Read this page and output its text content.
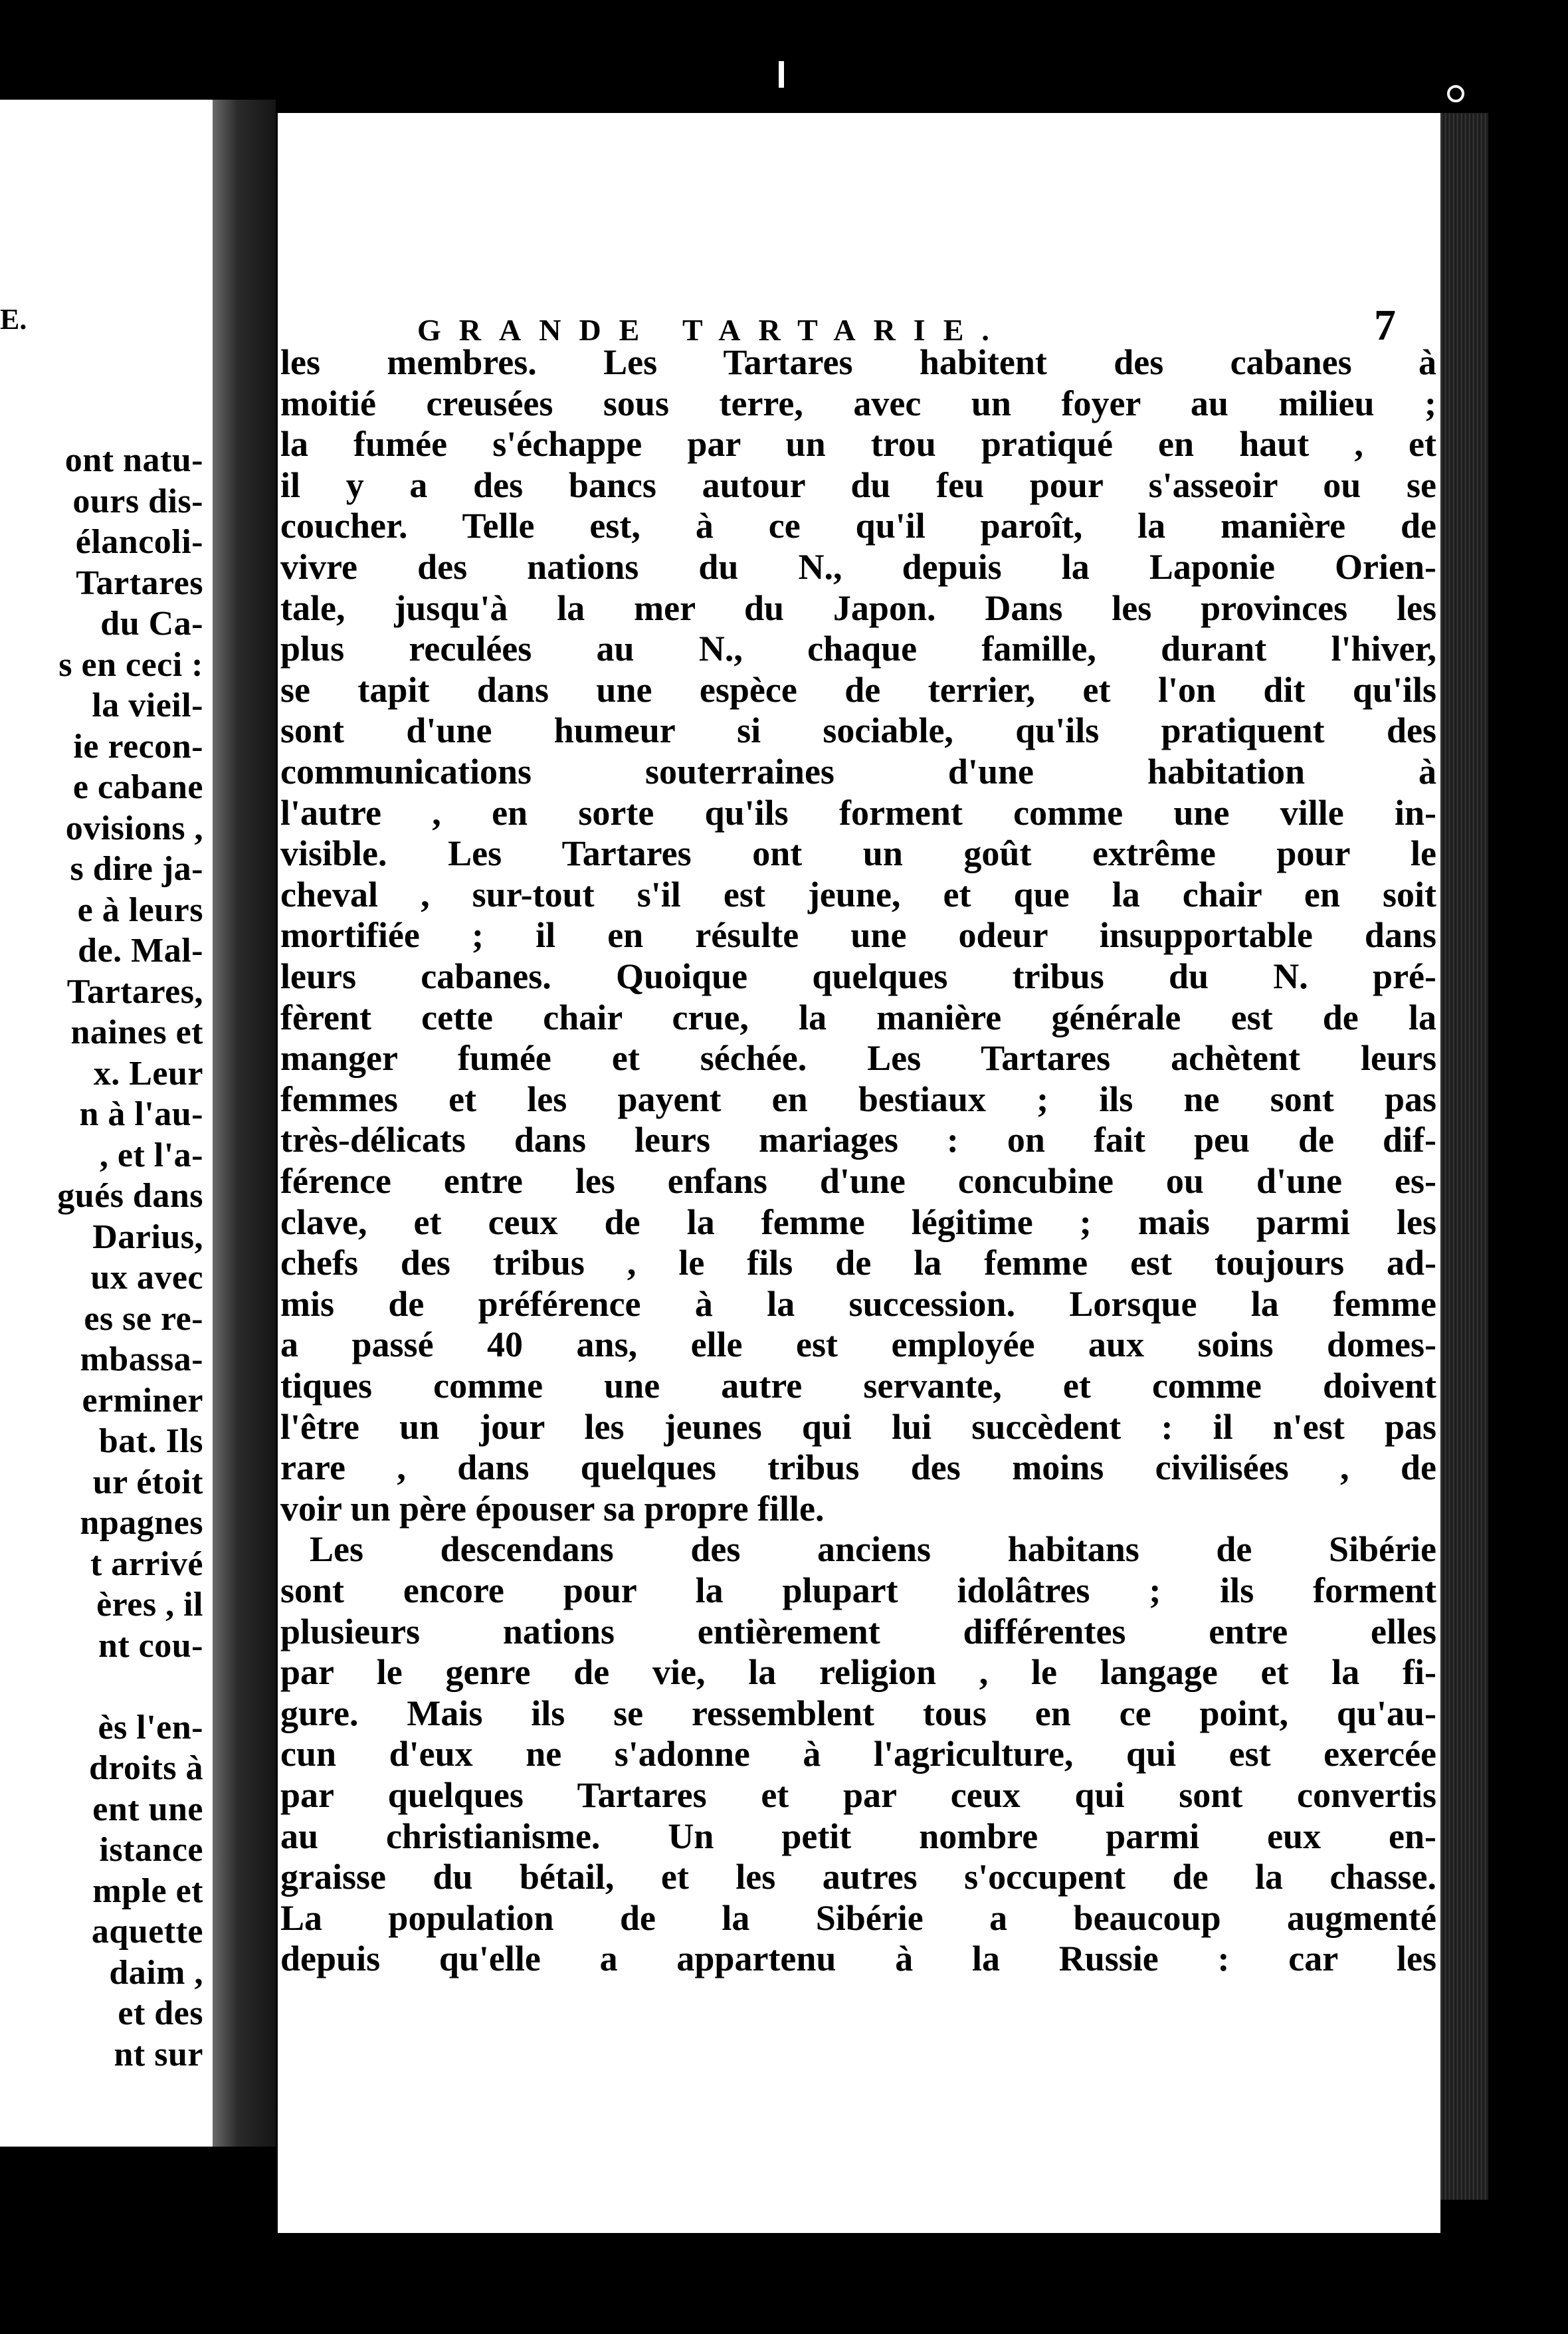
E.
ont natu-
ours dis-
élancoli-
Tartares
du Ca-
s en ceci :
la vieil-
ie recon-
e cabane
ovisions ,
s dire ja-
e à leurs
de. Mal-
Tartares,
naines et
x. Leur
n à l'au-
, et l'a-
gués dans
Darius,
ux avec
es se re-
mbassa-
erminer
bat. Ils
ur étoit
npagnes
t arrivé
ères , il
nt cou-
ès l'en-
droits à
ent une
istance
mple et
aquette
daim ,
et des
nt sur
GRANDE TARTARIE.	7
les membres. Les Tartares habitent des cabanes à
moitié creusées sous terre, avec un foyer au milieu ;
la fumée s'échappe par un trou pratiqué en haut , et
il y a des bancs autour du feu pour s'asseoir ou se
coucher. Telle est, à ce qu'il paroît, la manière de
vivre des nations du N., depuis la Laponie Orien-
tale, jusqu'à la mer du Japon. Dans les provinces les
plus reculées au N., chaque famille, durant l'hiver,
se tapit dans une espèce de terrier, et l'on dit qu'ils
sont d'une humeur si sociable, qu'ils pratiquent des
communications souterraines d'une habitation à
l'autre , en sorte qu'ils forment comme une ville in-
visible. Les Tartares ont un goût extrême pour le
cheval , sur-tout s'il est jeune, et que la chair en soit
mortifiée ; il en résulte une odeur insupportable dans
leurs cabanes. Quoique quelques tribus du N. pré-
fèrent cette chair crue, la manière générale est de la
manger fumée et séchée. Les Tartares achètent leurs
femmes et les payent en bestiaux ; ils ne sont pas
très-délicats dans leurs mariages : on fait peu de dif-
férence entre les enfans d'une concubine ou d'une es-
clave, et ceux de la femme légitime ; mais parmi les
chefs des tribus , le fils de la femme est toujours ad-
mis de préférence à la succession. Lorsque la femme
a passé 40 ans, elle est employée aux soins domes-
tiques comme une autre servante, et comme doivent
l'être un jour les jeunes qui lui succèdent : il n'est pas
rare , dans quelques tribus des moins civilisées , de
voir un père épouser sa propre fille.
Les descendans des anciens habitans de Sibérie
sont encore pour la plupart idolâtres ; ils forment
plusieurs nations entièrement différentes entre elles
par le genre de vie, la religion , le langage et la fi-
gure. Mais ils se ressemblent tous en ce point, qu'au-
cun d'eux ne s'adonne à l'agriculture, qui est exercée
par quelques Tartares et par ceux qui sont convertis
au christianisme. Un petit nombre parmi eux en-
graisse du bétail, et les autres s'occupent de la chasse.
La population de la Sibérie a beaucoup augmenté
depuis qu'elle a appartenu à la Russie : car les
